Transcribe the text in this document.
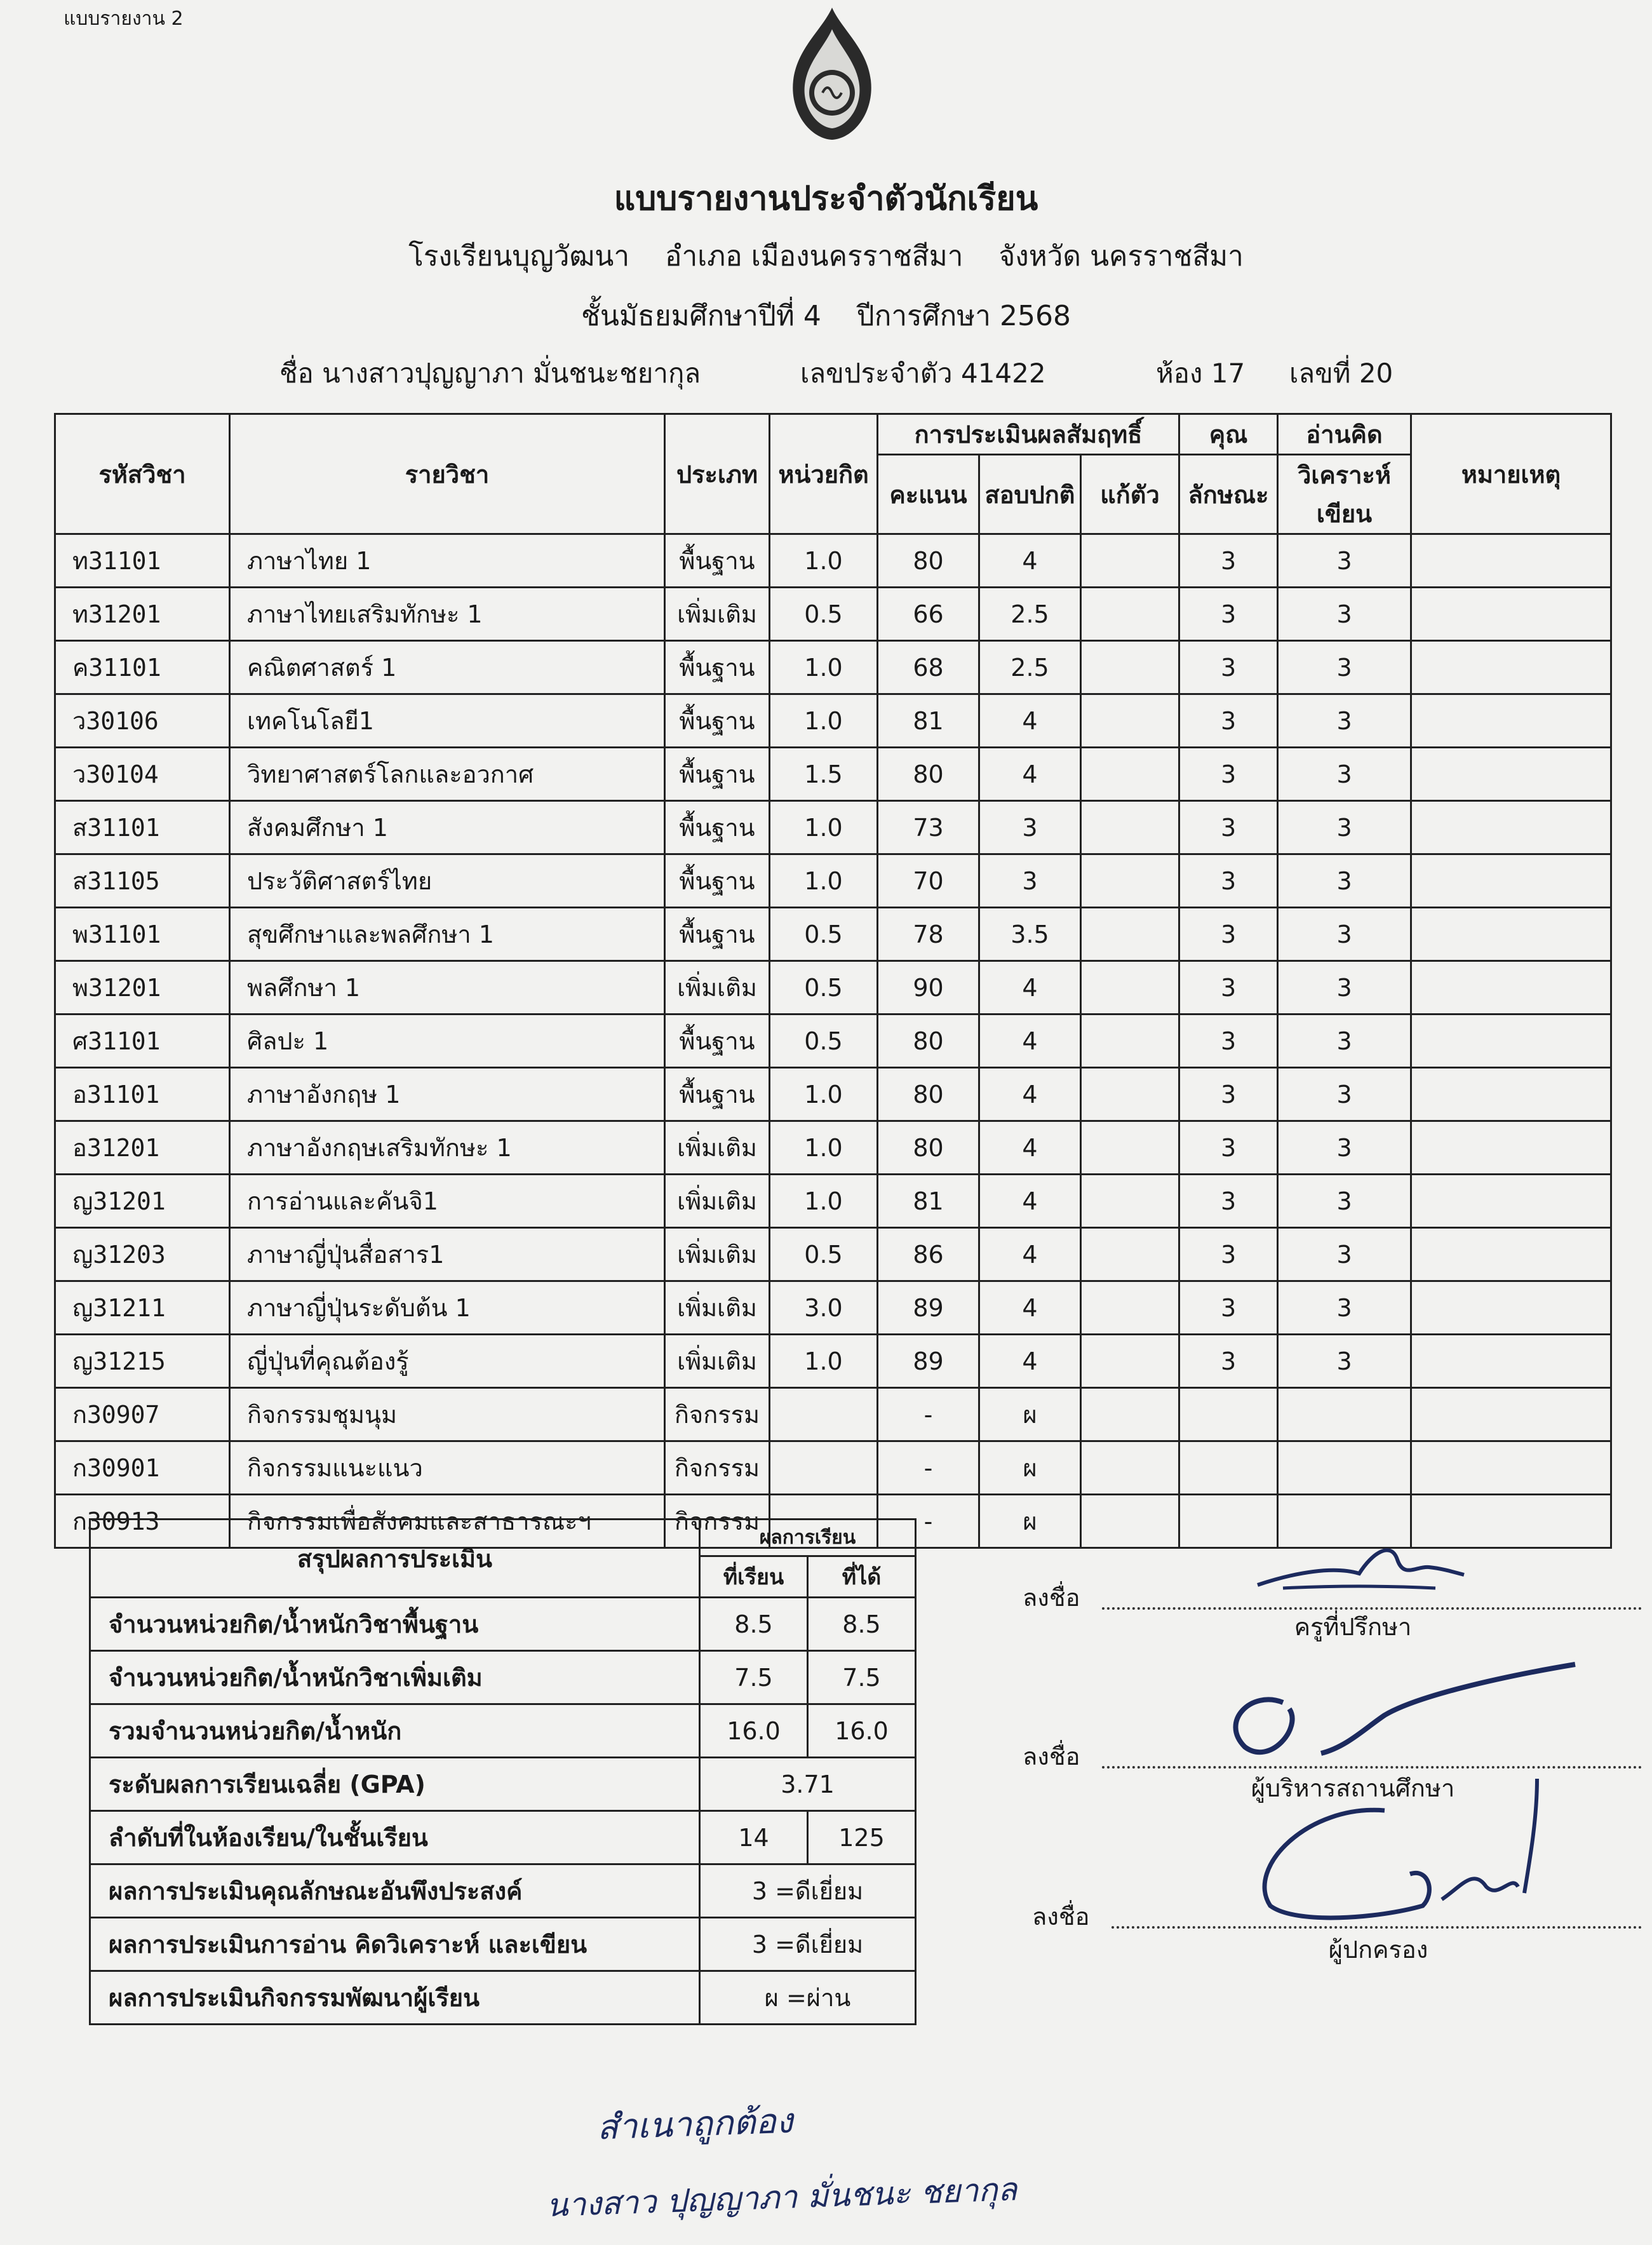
แบบรายงาน 2
แบบรายงานประจำตัวนักเรียน
โรงเรียนบุญวัฒนา อำเภอ เมืองนครราชสีมา จังหวัด นครราชสีมา
ชั้นมัธยมศึกษาปีที่ 4 ปีการศึกษา 2568
ชื่อ นางสาวปุญญาภา มั่นชนะชยากุล	เลขประจำตัว 41422	ห้อง 17 เลขที่ 20
รหัสวิชา	รายวิชา	ประเภท	หน่วยกิต	การประเมินผลสัมฤทธิ์			คุณ	อ่านคิด	หมายเหตุ
				คะแนน	สอบปกติ	แก้ตัว	ลักษณะ	วิเคราะห์เขียน	
ท31101	ภาษาไทย 1	พื้นฐาน	1.0	80	4		3	3	
ท31201	ภาษาไทยเสริมทักษะ 1	เพิ่มเติม	0.5	66	2.5		3	3	
ค31101	คณิตศาสตร์ 1	พื้นฐาน	1.0	68	2.5		3	3	
ว30106	เทคโนโลยี1	พื้นฐาน	1.0	81	4		3	3	
ว30104	วิทยาศาสตร์โลกและอวกาศ	พื้นฐาน	1.5	80	4		3	3	
ส31101	สังคมศึกษา 1	พื้นฐาน	1.0	73	3		3	3	
ส31105	ประวัติศาสตร์ไทย	พื้นฐาน	1.0	70	3		3	3	
พ31101	สุขศึกษาและพลศึกษา 1	พื้นฐาน	0.5	78	3.5		3	3	
พ31201	พลศึกษา 1	เพิ่มเติม	0.5	90	4		3	3	
ศ31101	ศิลปะ 1	พื้นฐาน	0.5	80	4		3	3	
อ31101	ภาษาอังกฤษ 1	พื้นฐาน	1.0	80	4		3	3	
อ31201	ภาษาอังกฤษเสริมทักษะ 1	เพิ่มเติม	1.0	80	4		3	3	
ญ31201	การอ่านและคันจิ1	เพิ่มเติม	1.0	81	4		3	3	
ญ31203	ภาษาญี่ปุ่นสื่อสาร1	เพิ่มเติม	0.5	86	4		3	3	
ญ31211	ภาษาญี่ปุ่นระดับต้น 1	เพิ่มเติม	3.0	89	4		3	3	
ญ31215	ญี่ปุ่นที่คุณต้องรู้	เพิ่มเติม	1.0	89	4		3	3	
ก30907	กิจกรรมชุมนุม	กิจกรรม		-	ผ				
ก30901	กิจกรรมแนะแนว	กิจกรรม		-	ผ				
ก30913	กิจกรรมเพื่อสังคมและสาธารณะฯ	กิจกรรม		-	ผ				
สรุปผลการประเมิน	ผลการเรียน	
	ที่เรียน	ที่ได้
จำนวนหน่วยกิต/น้ำหนักวิชาพื้นฐาน	8.5	8.5
จำนวนหน่วยกิต/น้ำหนักวิชาเพิ่มเติม	7.5	7.5
รวมจำนวนหน่วยกิต/น้ำหนัก	16.0	16.0
ระดับผลการเรียนเฉลี่ย (GPA)	3.71	
ลำดับที่ในห้องเรียน/ในชั้นเรียน	14	125
ผลการประเมินคุณลักษณะอันพึงประสงค์	3 =ดีเยี่ยม	
ผลการประเมินการอ่าน คิดวิเคราะห์ และเขียน	3 =ดีเยี่ยม	
ผลการประเมินกิจกรรมพัฒนาผู้เรียน	ผ =ผ่าน	
ลงชื่อ
ครูที่ปรึกษา
ลงชื่อ
ผู้บริหารสถานศึกษา
ลงชื่อ
ผู้ปกครอง
สำเนาถูกต้อง
นางสาว ปุญญาภา มั่นชนะ ชยากุล
